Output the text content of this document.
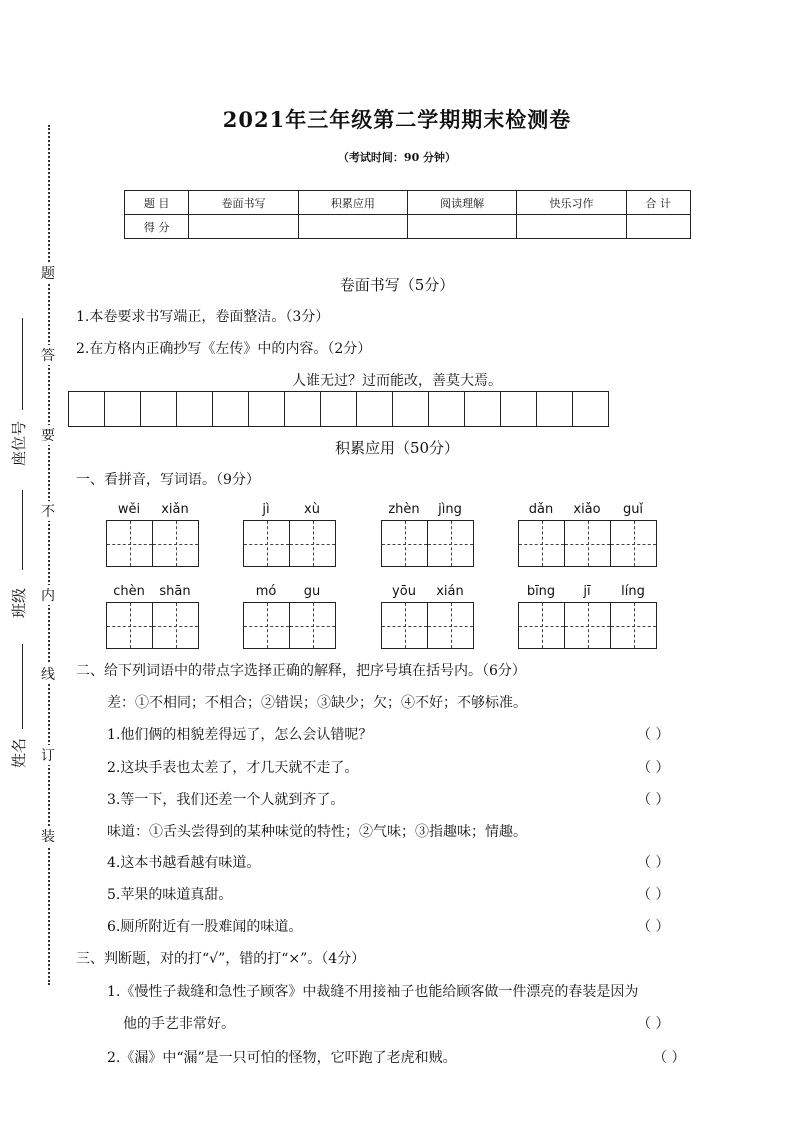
题
答
要
不
内
线
订
装
座位号
班级
姓名
2021年三年级第二学期期末检测卷
（考试时间：90 分钟）
题 目	卷面书写	积累应用	阅读理解	快乐习作	合 计
得 分					
卷面书写（5分）
1.本卷要求书写端正，卷面整洁。（3分）
2.在方格内正确抄写《左传》中的内容。（2分）
人谁无过？过而能改，善莫大焉。
积累应用（50分）
一、看拼音，写词语。（9分）
wěi	xiǎn	jì	xù	zhèn	jìng	dǎn	xiǎo	guǐ
chèn	shān	mó	gu	yōu	xián	bīng	jī	líng
二、给下列词语中的带点字选择正确的解释，把序号填在括号内。（6分）
差：①不相同；不相合；②错误；③缺少；欠；④不好；不够标准。
1.他们俩的相貌差得远了，怎么会认错呢？	（ ）
2.这块手表也太差了，才几天就不走了。	（ ）
3.等一下，我们还差一个人就到齐了。	（ ）
味道：①舌头尝得到的某种味觉的特性；②气味；③指趣味；情趣。
4.这本书越看越有味道。	（ ）
5.苹果的味道真甜。	（ ）
6.厕所附近有一股难闻的味道。	（ ）
三、判断题，对的打“√”，错的打“×”。（4分）
1.《慢性子裁缝和急性子顾客》中裁缝不用接袖子也能给顾客做一件漂亮的春装是因为
他的手艺非常好。	（ ）
2.《漏》中“漏”是一只可怕的怪物，它吓跑了老虎和贼。	（ ）
